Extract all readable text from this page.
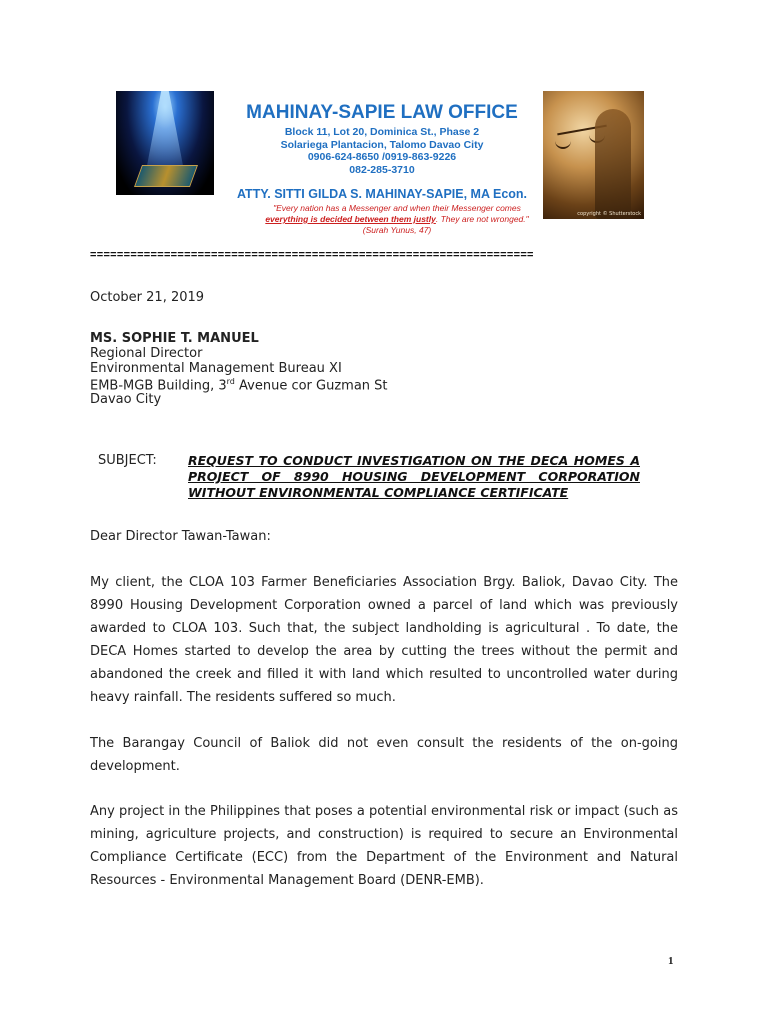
MAHINAY-SAPIE LAW OFFICE
Block 11, Lot 20, Dominica St., Phase 2
Solariega Plantacion, Talomo Davao City
0906-624-8650 /0919-863-9226
082-285-3710
ATTY. SITTI GILDA S. MAHINAY-SAPIE, MA Econ.
"Every nation has a Messenger and when their Messenger comes everything is decided between them justly. They are not wronged." (Surah Yunus, 47)
copyright © Shutterstock
==================================================================
October 21, 2019
MS. SOPHIE T. MANUEL
Regional Director
Environmental Management Bureau XI
EMB-MGB Building, 3rd Avenue cor Guzman St
Davao City
SUBJECT:	REQUEST TO CONDUCT INVESTIGATION ON THE DECA HOMES A PROJECT OF 8990 HOUSING DEVELOPMENT CORPORATION WITHOUT ENVIRONMENTAL COMPLIANCE CERTIFICATE
Dear Director Tawan-Tawan:
My client, the CLOA 103 Farmer Beneficiaries Association Brgy. Baliok, Davao City. The 8990 Housing Development Corporation owned a parcel of land which was previously awarded to CLOA 103. Such that, the subject landholding is agricultural . To date, the DECA Homes started to develop the area by cutting the trees without the permit and abandoned the creek and filled it with land which resulted to uncontrolled water during heavy rainfall. The residents suffered so much.
The Barangay Council of Baliok did not even consult the residents of the on-going development.
Any project in the Philippines that poses a potential environmental risk or impact (such as mining, agriculture projects, and construction) is required to secure an Environmental Compliance Certificate (ECC) from the Department of the Environment and Natural Resources - Environmental Management Board (DENR-EMB).
1
